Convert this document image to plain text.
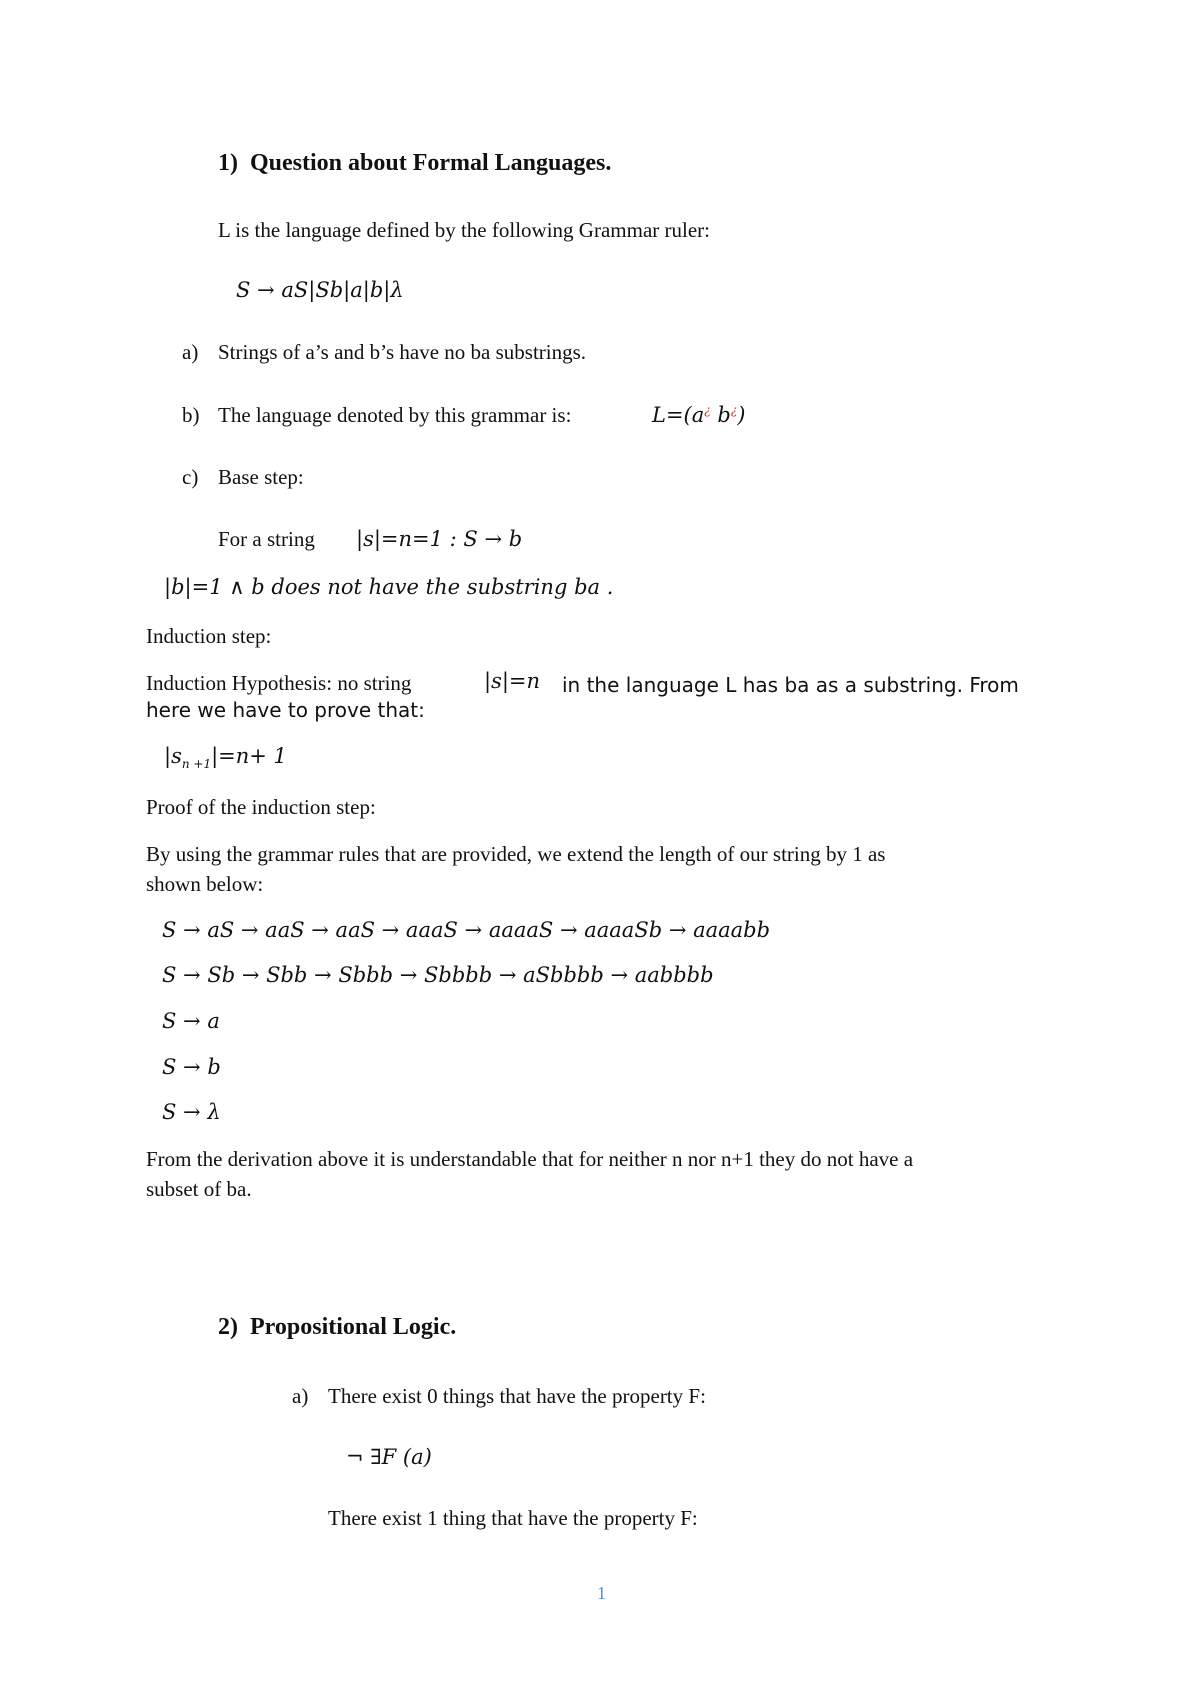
1) Question about Formal Languages.
L is the language defined by the following Grammar ruler:
S → aS|Sb|a|b|λ
a) Strings of a’s and b’s have no ba substrings.
b) The language denoted by this grammar is:	L=(a¿ b¿)
c) Base step:
For a string |s|=n=1 : S → b
|b|=1 ∧ b does not have the substring ba .
Induction step:
Induction Hypothesis: no string	|s|=n in the language L has ba as a substring. From
here we have to prove that:
$|s_{n +1}|=n+ 1$
Proof of the induction step:
By using the grammar rules that are provided, we extend the length of our string by 1 as
shown below:
S → aS → aaS → aaS → aaaS → aaaaS → aaaaSb → aaaabb
S → Sb → Sbb → Sbbb → Sbbbb → aSbbbb → aabbbb
S → a
S → b
S → λ
From the derivation above it is understandable that for neither n nor n+1 they do not have a
subset of ba.
2) Propositional Logic.
a) There exist 0 things that have the property F:
¬ ∃F (a)
There exist 1 thing that have the property F:
1
